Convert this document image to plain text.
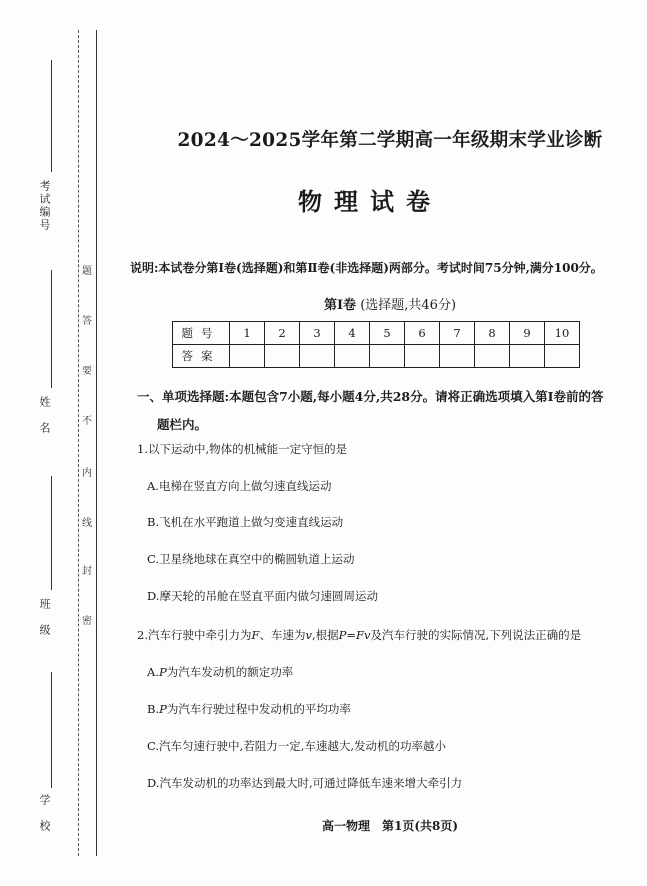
考试编号
姓　名
班　级
学　校
题
答
要
不
内
线
封
密
2024～2025学年第二学期高一年级期末学业诊断
物理试卷
说明:本试卷分第Ⅰ卷(选择题)和第Ⅱ卷(非选择题)两部分。考试时间75分钟,满分100分。
第Ⅰ卷 (选择题,共46分)
题号	1	2	3	4	5	6	7	8	9	10
答案										
一、单项选择题:本题包含7小题,每小题4分,共28分。请将正确选项填入第Ⅰ卷前的答
题栏内。
1.以下运动中,物体的机械能一定守恒的是
A.电梯在竖直方向上做匀速直线运动
B.飞机在水平跑道上做匀变速直线运动
C.卫星绕地球在真空中的椭圆轨道上运动
D.摩天轮的吊舱在竖直平面内做匀速圆周运动
2.汽车行驶中牵引力为F、车速为v,根据P=Fv及汽车行驶的实际情况,下列说法正确的是
A.P为汽车发动机的额定功率
B.P为汽车行驶过程中发动机的平均功率
C.汽车匀速行驶中,若阻力一定,车速越大,发动机的功率越小
D.汽车发动机的功率达到最大时,可通过降低车速来增大牵引力
高一物理　第1页(共8页)
